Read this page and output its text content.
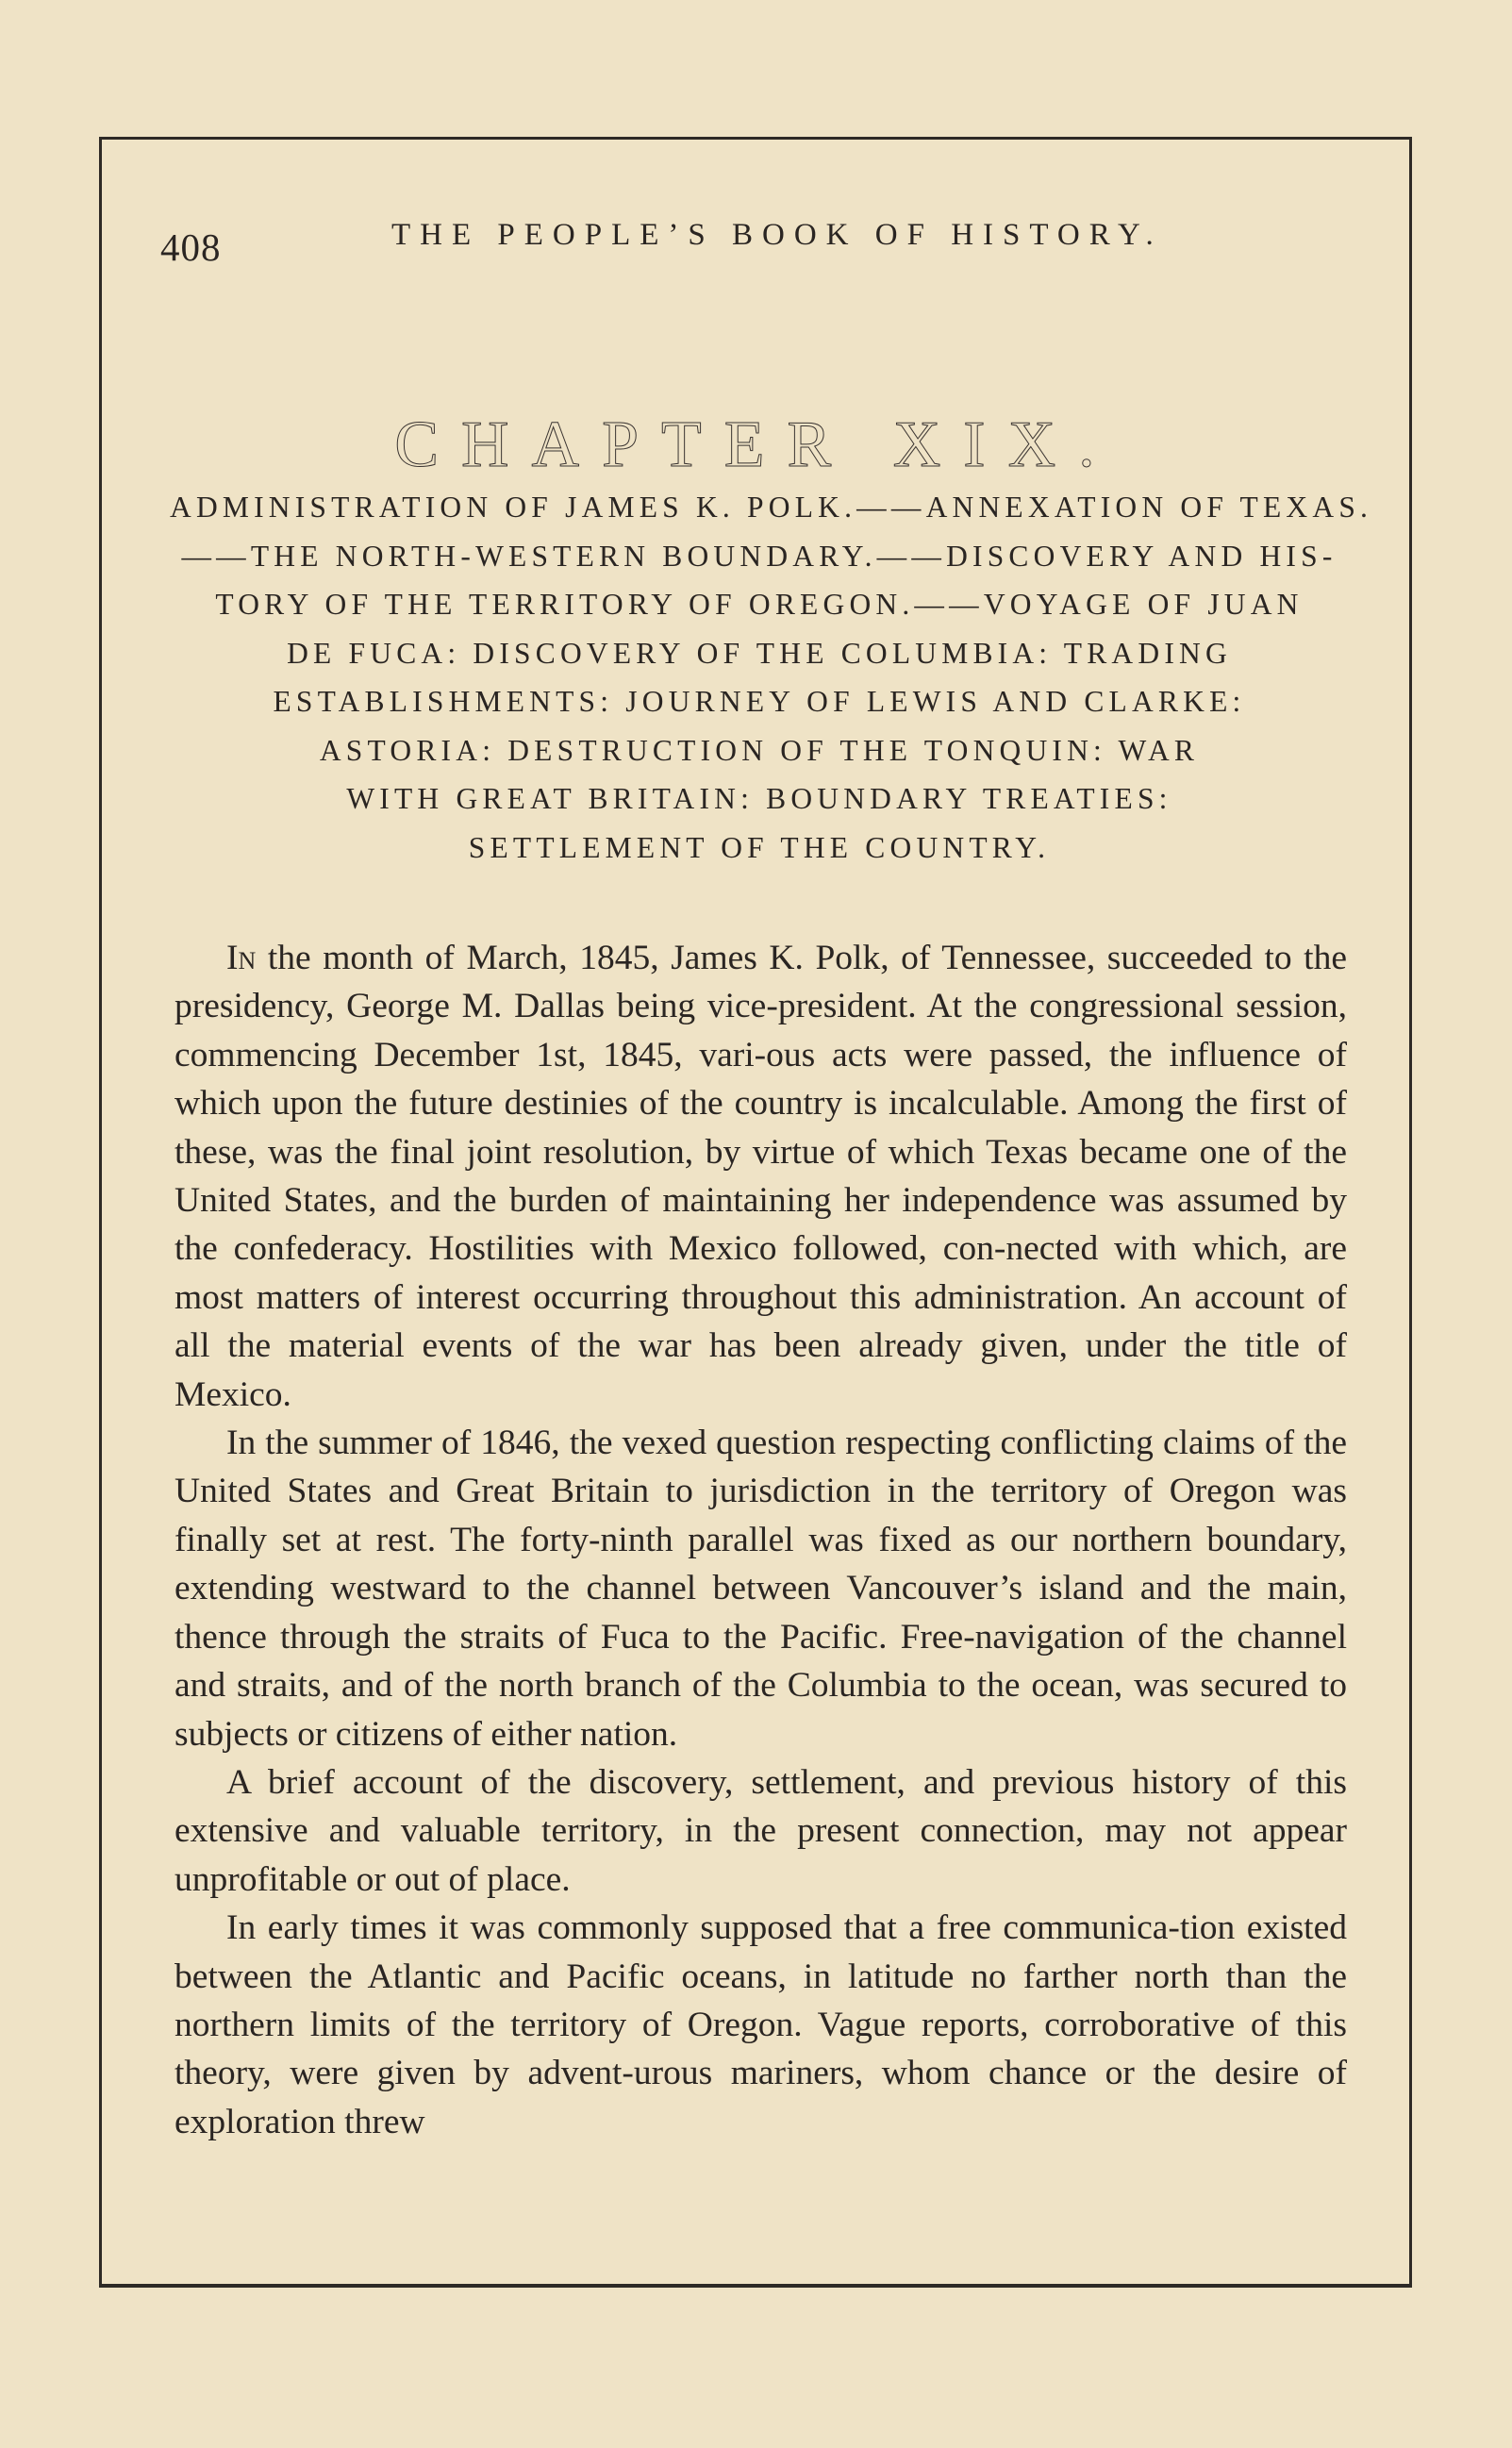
408	THE PEOPLE’S BOOK OF HISTORY.
CHAPTER XIX.
ADMINISTRATION OF JAMES K. POLK.——ANNEXATION OF TEXAS.
——THE NORTH-WESTERN BOUNDARY.——DISCOVERY AND HIS-
TORY OF THE TERRITORY OF OREGON.——VOYAGE OF JUAN
DE FUCA: DISCOVERY OF THE COLUMBIA: TRADING
ESTABLISHMENTS: JOURNEY OF LEWIS AND CLARKE:
ASTORIA: DESTRUCTION OF THE TONQUIN: WAR
WITH GREAT BRITAIN: BOUNDARY TREATIES:
SETTLEMENT OF THE COUNTRY.

In the month of March, 1845, James K. Polk, of Tennessee, succeeded to the presidency, George M. Dallas being vice-president. At the congressional session, commencing December 1st, 1845, vari-ous acts were passed, the influence of which upon the future destinies of the country is incalculable. Among the first of these, was the final joint resolution, by virtue of which Texas became one of the United States, and the burden of maintaining her independence was assumed by the confederacy. Hostilities with Mexico followed, con-nected with which, are most matters of interest occurring throughout this administration. An account of all the material events of the war has been already given, under the title of Mexico.

In the summer of 1846, the vexed question respecting conflicting claims of the United States and Great Britain to jurisdiction in the territory of Oregon was finally set at rest. The forty-ninth parallel was fixed as our northern boundary, extending westward to the channel between Vancouver’s island and the main, thence through the straits of Fuca to the Pacific. Free-navigation of the channel and straits, and of the north branch of the Columbia to the ocean, was secured to subjects or citizens of either nation.

A brief account of the discovery, settlement, and previous history of this extensive and valuable territory, in the present connection, may not appear unprofitable or out of place.

In early times it was commonly supposed that a free communica-tion existed between the Atlantic and Pacific oceans, in latitude no farther north than the northern limits of the territory of Oregon. Vague reports, corroborative of this theory, were given by advent-urous mariners, whom chance or the desire of exploration threw
